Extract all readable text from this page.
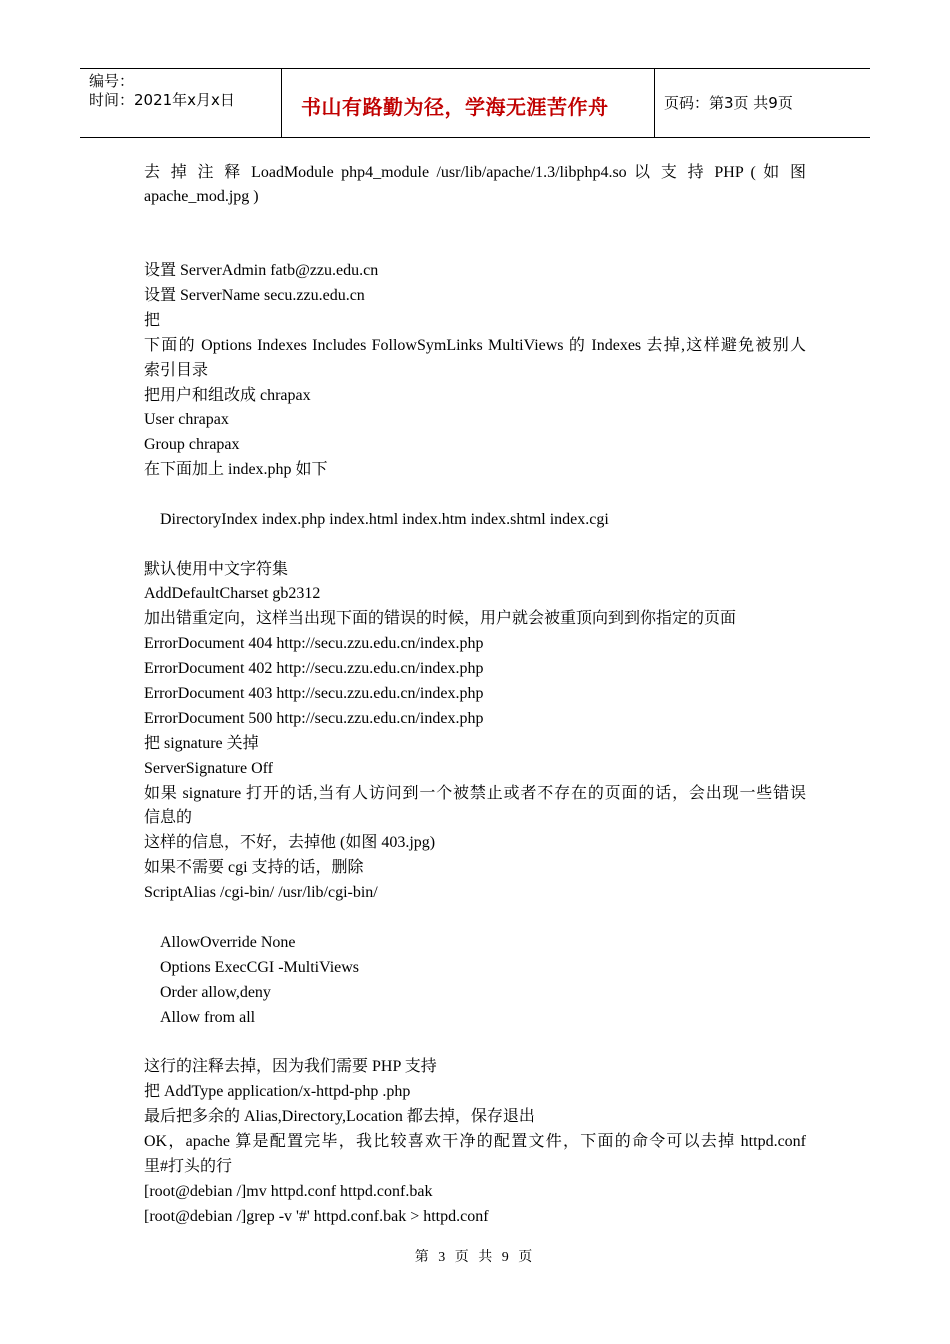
编号：
时间：2021年x月x日	书山有路勤为径，学海无涯苦作舟	页码：第3页 共9页
去 掉 注 释 LoadModule php4_module /usr/lib/apache/1.3/libphp4.so 以 支 持 PHP ( 如 图
apache_mod.jpg )
设置 ServerAdmin fatb@zzu.edu.cn
设置 ServerName secu.zzu.edu.cn
把
下面的 Options Indexes Includes FollowSymLinks MultiViews 的 Indexes 去掉,这样避免被别人
索引目录
把用户和组改成 chrapax
User chrapax
Group chrapax
在下面加上 index.php 如下
DirectoryIndex index.php index.html index.htm index.shtml index.cgi
默认使用中文字符集
AddDefaultCharset gb2312
加出错重定向，这样当出现下面的错误的时候，用户就会被重顶向到到你指定的页面
ErrorDocument 404 http://secu.zzu.edu.cn/index.php
ErrorDocument 402 http://secu.zzu.edu.cn/index.php
ErrorDocument 403 http://secu.zzu.edu.cn/index.php
ErrorDocument 500 http://secu.zzu.edu.cn/index.php
把 signature 关掉
ServerSignature Off
如果 signature 打开的话,当有人访问到一个被禁止或者不存在的页面的话，会出现一些错误
信息的
这样的信息，不好，去掉他 (如图 403.jpg)
如果不需要 cgi 支持的话，删除
ScriptAlias /cgi-bin/ /usr/lib/cgi-bin/
AllowOverride None
Options ExecCGI -MultiViews
Order allow,deny
Allow from all
这行的注释去掉，因为我们需要 PHP 支持
把 AddType application/x-httpd-php .php
最后把多余的 Alias,Directory,Location 都去掉，保存退出
OK，apache 算是配置完毕，我比较喜欢干净的配置文件，下面的命令可以去掉 httpd.conf
里#打头的行
[root@debian /]mv httpd.conf httpd.conf.bak
[root@debian /]grep -v '#' httpd.conf.bak > httpd.conf
第 3 页 共 9 页
